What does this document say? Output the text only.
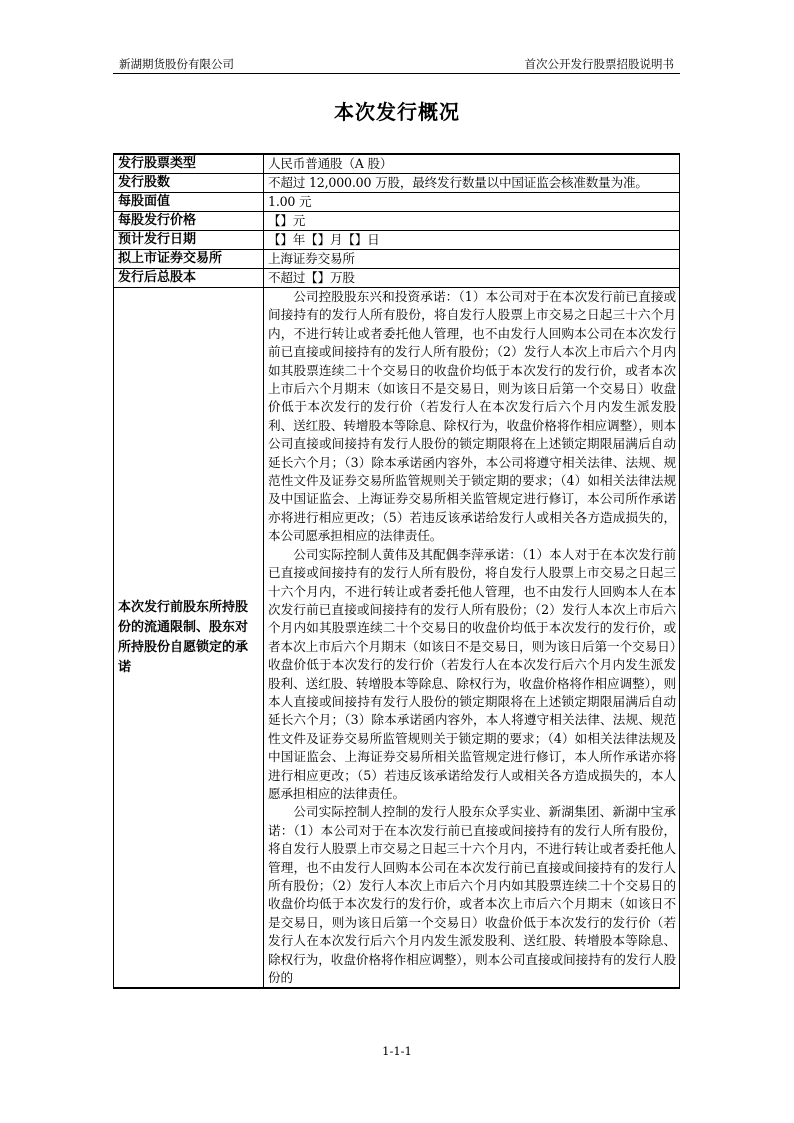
新湖期货股份有限公司	首次公开发行股票招股说明书
本次发行概况
发行股票类型	人民币普通股（A 股）
发行股数	不超过 12,000.00 万股，最终发行数量以中国证监会核准数量为准。
每股面值	1.00 元
每股发行价格	【】元
预计发行日期	【】年【】月【】日
拟上市证券交易所	上海证券交易所
发行后总股本	不超过【】万股
本次发行前股东所持股份的流通限制、股东对所持股份自愿锁定的承诺	公司控股股东兴和投资承诺：（1）本公司对于在本次发行前已直接或间接持有的发行人所有股份，将自发行人股票上市交易之日起三十六个月内，不进行转让或者委托他人管理，也不由发行人回购本公司在本次发行前已直接或间接持有的发行人所有股份；（2）发行人本次上市后六个月内如其股票连续二十个交易日的收盘价均低于本次发行的发行价，或者本次上市后六个月期末（如该日不是交易日，则为该日后第一个交易日）收盘价低于本次发行的发行价（若发行人在本次发行后六个月内发生派发股利、送红股、转增股本等除息、除权行为，收盘价格将作相应调整），则本公司直接或间接持有发行人股份的锁定期限将在上述锁定期限届满后自动延长六个月；（3）除本承诺函内容外，本公司将遵守相关法律、法规、规范性文件及证券交易所监管规则关于锁定期的要求；（4）如相关法律法规及中国证监会、上海证券交易所相关监管规定进行修订，本公司所作承诺亦将进行相应更改；（5）若违反该承诺给发行人或相关各方造成损失的，本公司愿承担相应的法律责任。

公司实际控制人黄伟及其配偶李萍承诺：（1）本人对于在本次发行前已直接或间接持有的发行人所有股份，将自发行人股票上市交易之日起三十六个月内，不进行转让或者委托他人管理，也不由发行人回购本人在本次发行前已直接或间接持有的发行人所有股份；（2）发行人本次上市后六个月内如其股票连续二十个交易日的收盘价均低于本次发行的发行价，或者本次上市后六个月期末（如该日不是交易日，则为该日后第一个交易日）收盘价低于本次发行的发行价（若发行人在本次发行后六个月内发生派发股利、送红股、转增股本等除息、除权行为，收盘价格将作相应调整），则本人直接或间接持有发行人股份的锁定期限将在上述锁定期限届满后自动延长六个月；（3）除本承诺函内容外，本人将遵守相关法律、法规、规范性文件及证券交易所监管规则关于锁定期的要求；（4）如相关法律法规及中国证监会、上海证券交易所相关监管规定进行修订，本人所作承诺亦将进行相应更改；（5）若违反该承诺给发行人或相关各方造成损失的，本人愿承担相应的法律责任。

公司实际控制人控制的发行人股东众孚实业、新湖集团、新湖中宝承诺：（1）本公司对于在本次发行前已直接或间接持有的发行人所有股份，将自发行人股票上市交易之日起三十六个月内，不进行转让或者委托他人管理，也不由发行人回购本公司在本次发行前已直接或间接持有的发行人所有股份；（2）发行人本次上市后六个月内如其股票连续二十个交易日的收盘价均低于本次发行的发行价，或者本次上市后六个月期末（如该日不是交易日，则为该日后第一个交易日）收盘价低于本次发行的发行价（若发行人在本次发行后六个月内发生派发股利、送红股、转增股本等除息、除权行为，收盘价格将作相应调整），则本公司直接或间接持有的发行人股份的

1-1-1
